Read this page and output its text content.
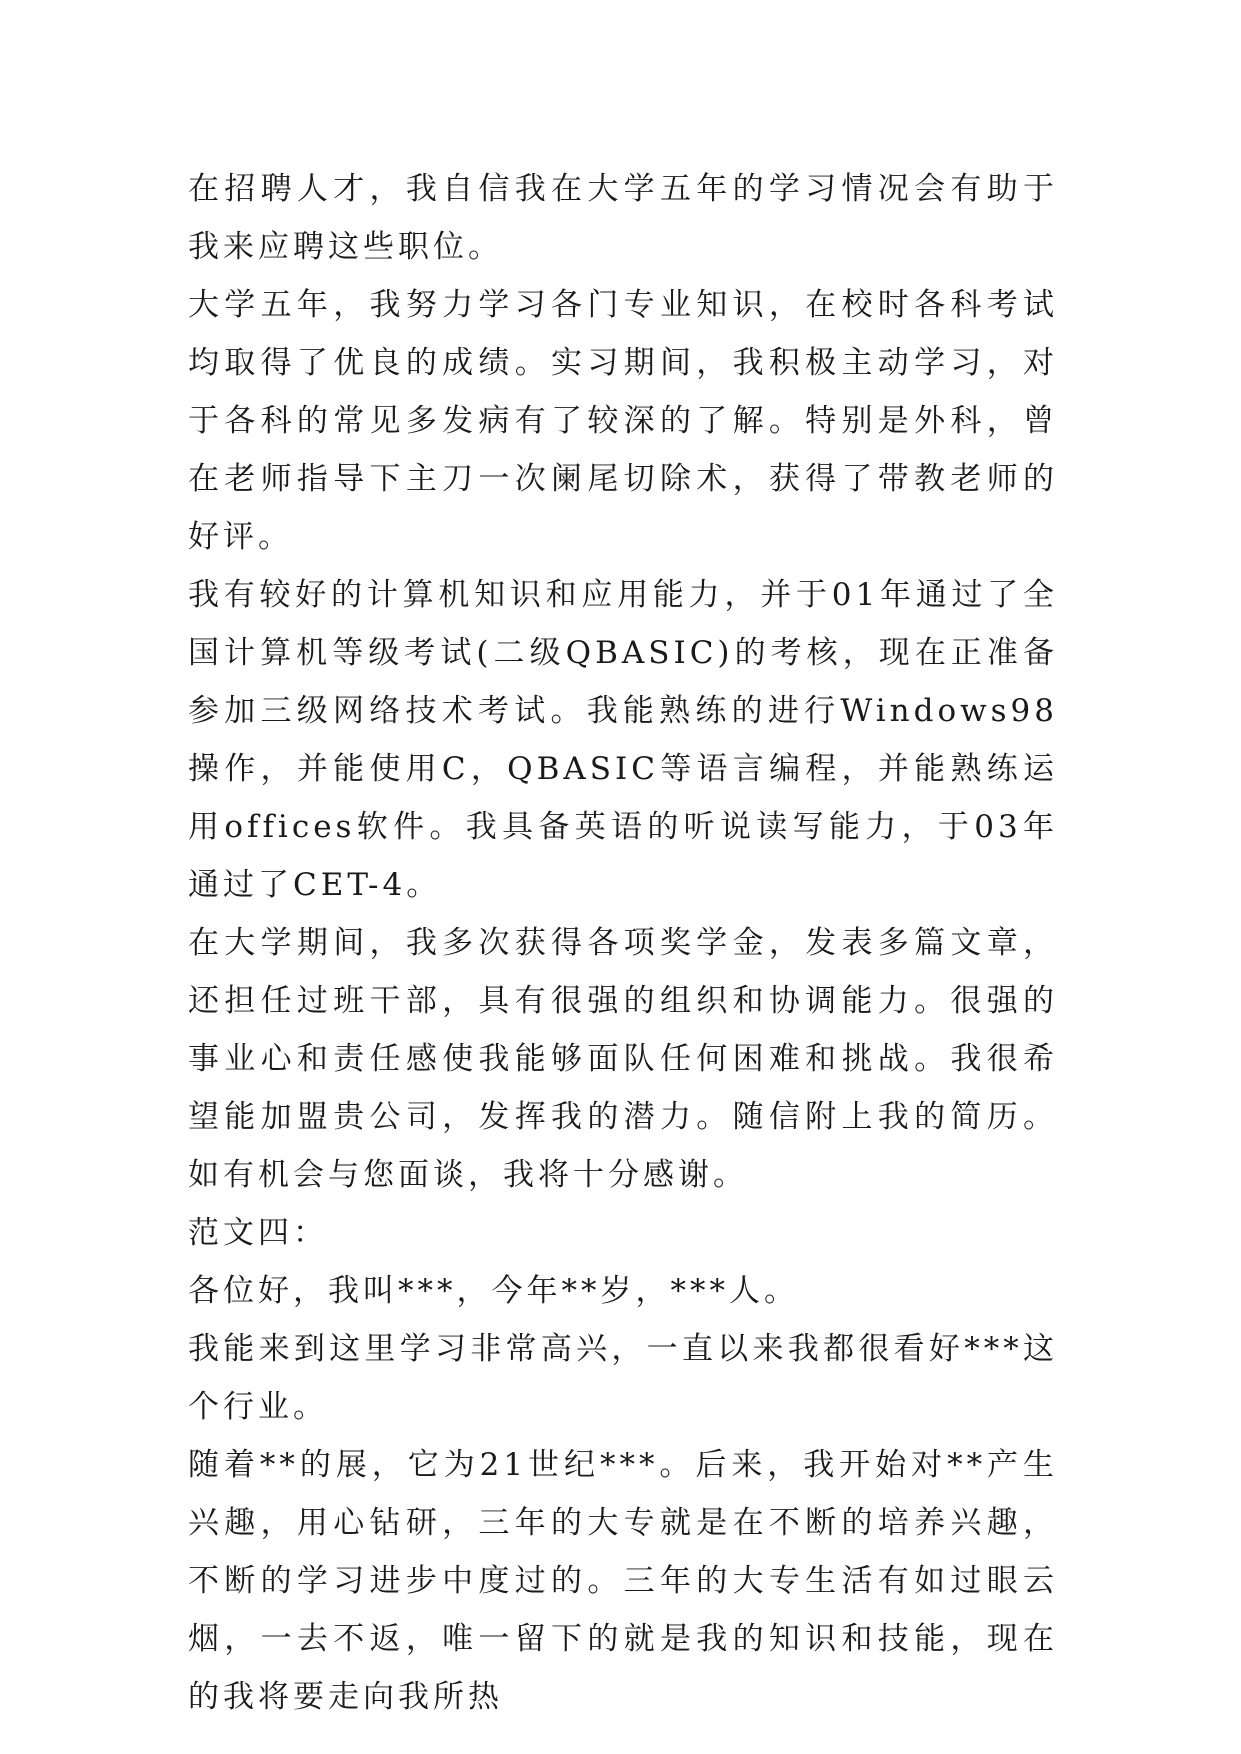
在招聘人才，我自信我在大学五年的学习情况会有助于我来应聘这些职位。

大学五年，我努力学习各门专业知识，在校时各科考试均取得了优良的成绩。实习期间，我积极主动学习，对于各科的常见多发病有了较深的了解。特别是外科，曾在老师指导下主刀一次阑尾切除术，获得了带教老师的好评。

我有较好的计算机知识和应用能力，并于01年通过了全国计算机等级考试(二级QBASIC)的考核，现在正准备参加三级网络技术考试。我能熟练的进行Windows98操作，并能使用C，QBASIC等语言编程，并能熟练运用offices软件。我具备英语的听说读写能力，于03年通过了CET-4。

在大学期间，我多次获得各项奖学金，发表多篇文章，还担任过班干部，具有很强的组织和协调能力。很强的事业心和责任感使我能够面队任何困难和挑战。我很希望能加盟贵公司，发挥我的潜力。随信附上我的简历。如有机会与您面谈，我将十分感谢。

范文四：

各位好，我叫***，今年**岁，***人。

我能来到这里学习非常高兴，一直以来我都很看好***这个行业。

随着**的展，它为21世纪***。后来，我开始对**产生兴趣，用心钻研，三年的大专就是在不断的培养兴趣，不断的学习进步中度过的。三年的大专生活有如过眼云烟，一去不返，唯一留下的就是我的知识和技能，现在的我将要走向我所热
